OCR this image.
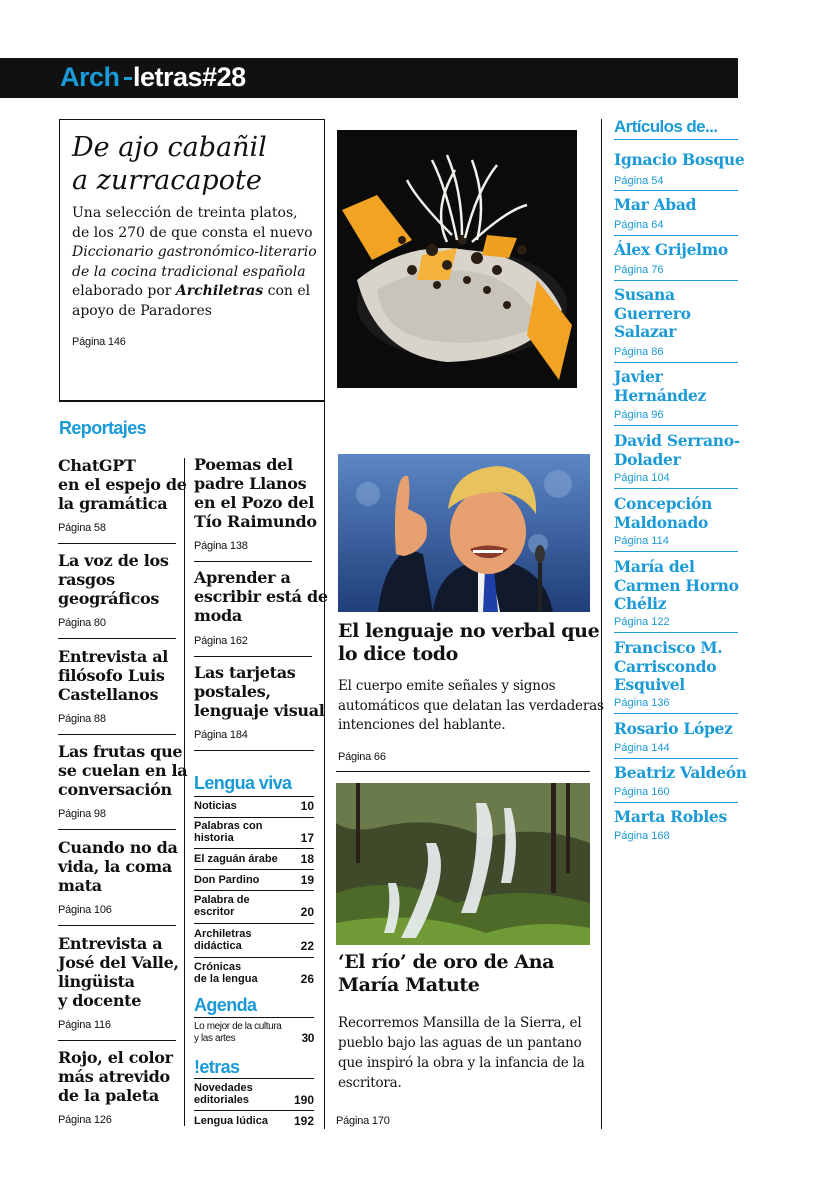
Arch letras#28
De ajo cabañil
a zurracapote
Una selección de treinta platos, de los 270 de que consta el nuevo Diccionario gastronómico-literario de la cocina tradicional española elaborado por Archiletras con el apoyo de Paradores
Página 146
Reportajes
ChatGPT
en el espejo de
la gramática
Página 58
La voz de los
rasgos
geográficos
Página 80
Entrevista al
filósofo Luis
Castellanos
Página 88
Las frutas que
se cuelan en la
conversación
Página 98
Cuando no da
vida, la coma
mata
Página 106
Entrevista a
José del Valle,
lingüista
y docente
Página 116
Rojo, el color
más atrevido
de la paleta
Página 126
Poemas del
padre Llanos
en el Pozo del
Tío Raimundo
Página 138
Aprender a
escribir está de
moda
Página 162
Las tarjetas
postales,
lenguaje visual
Página 184
Lengua viva
Noticias	10
Palabras con
historia	17
El zaguán árabe 18
Don Pardino	19
Palabra de
escritor	20
Archiletras
didáctica	22
Crónicas
de la lengua	26
Agenda
Lo mejor de la cultura
y las artes	30
!etras
Novedades
editoriales	190
Lengua lúdica 192
El lenguaje no verbal que
lo dice todo
El cuerpo emite señales y signos
automáticos que delatan las verdaderas
intenciones del hablante.
Página 66
‘El río’ de oro de Ana
María Matute
Recorremos Mansilla de la Sierra, el
pueblo bajo las aguas de un pantano
que inspiró la obra y la infancia de la
escritora.
Página 170
Artículos de...
Ignacio Bosque
Página 54
Mar Abad
Página 64
Álex Grijelmo
Página 76
Susana
Guerrero
Salazar
Página 86
Javier
Hernández
Página 96
David Serrano-
Dolader
Página 104
Concepción
Maldonado
Página 114
María del
Carmen Horno
Chéliz
Página 122
Francisco M.
Carriscondo
Esquivel
Página 136
Rosario López
Página 144
Beatriz Valdeón
Página 160
Marta Robles
Página 168
